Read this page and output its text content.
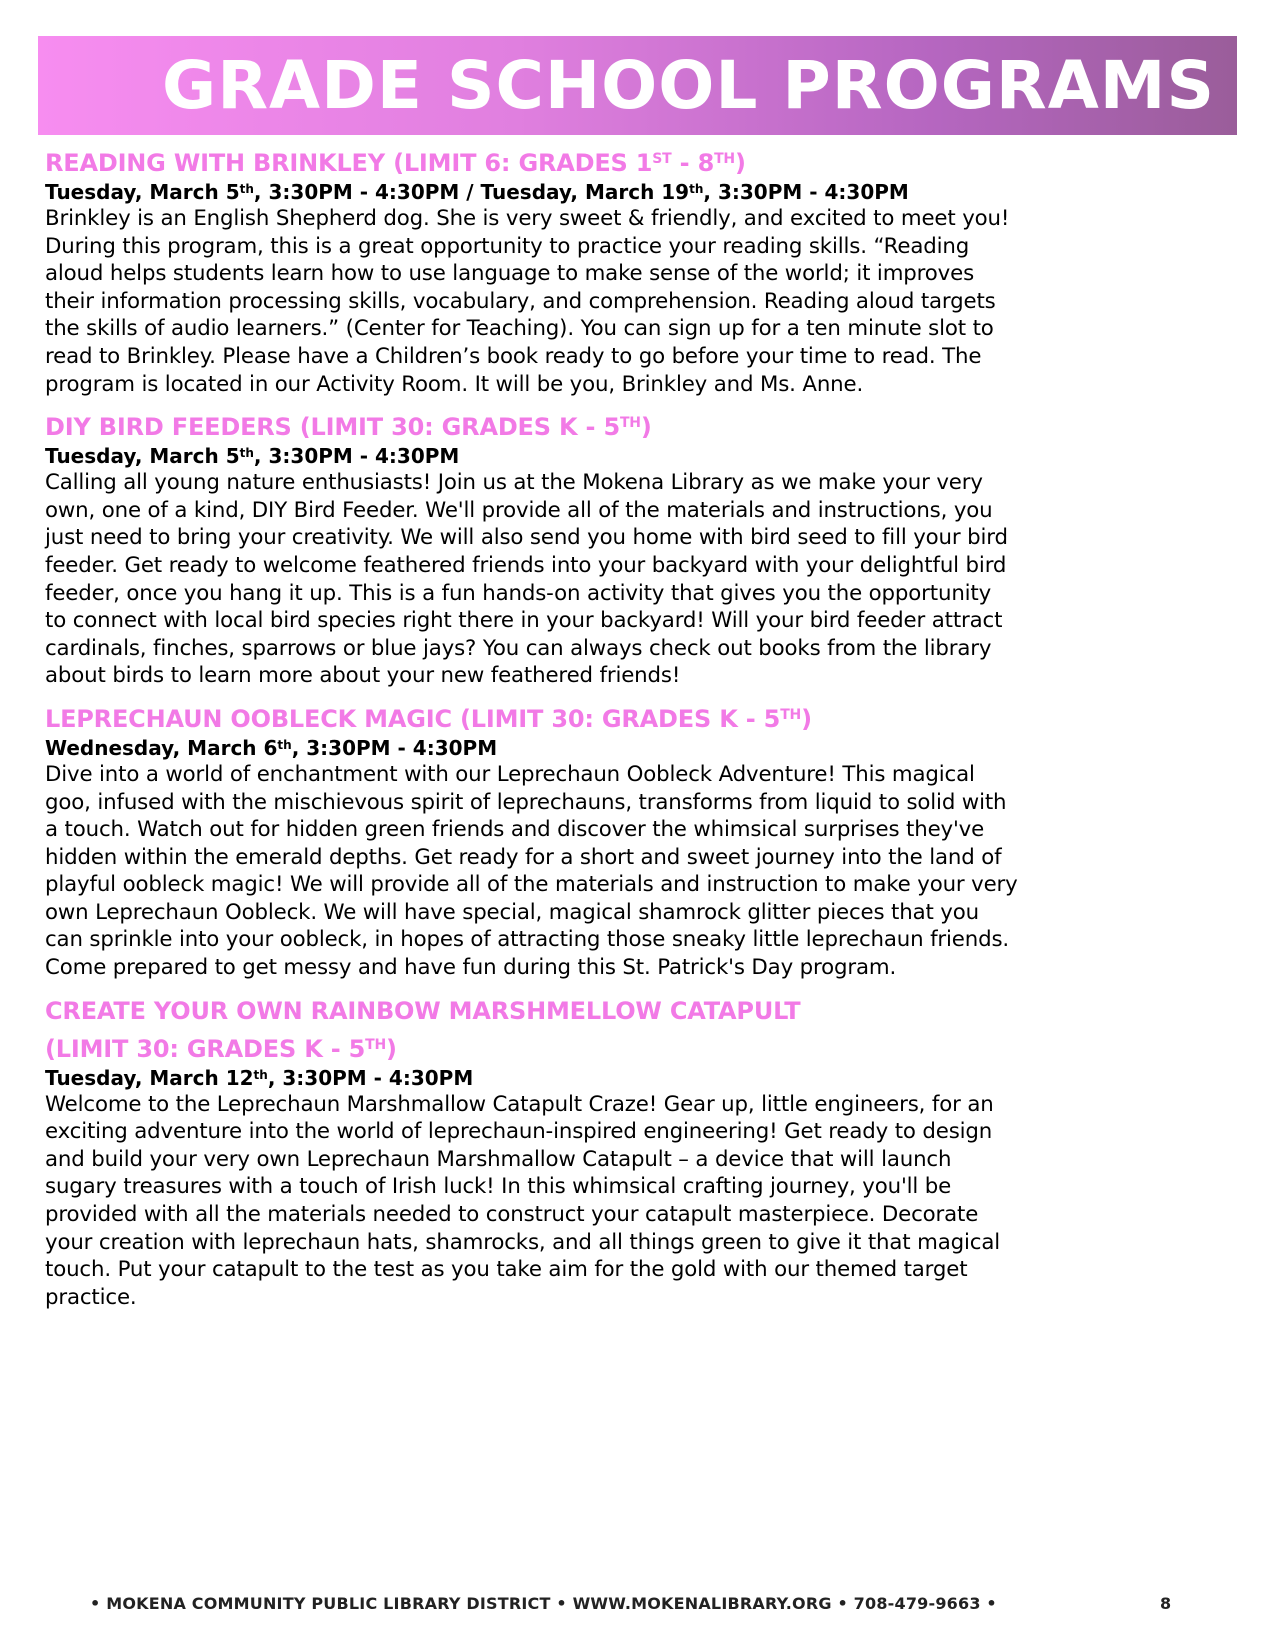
GRADE SCHOOL PROGRAMS
READING WITH BRINKLEY (LIMIT 6: GRADES 1ST - 8TH)
Tuesday, March 5th, 3:30PM - 4:30PM / Tuesday, March 19th, 3:30PM - 4:30PM

Brinkley is an English Shepherd dog. She is very sweet & friendly, and excited to meet you!
During this program, this is a great opportunity to practice your reading skills. “Reading
aloud helps students learn how to use language to make sense of the world; it improves
their information processing skills, vocabulary, and comprehension. Reading aloud targets
the skills of audio learners.” (Center for Teaching). You can sign up for a ten minute slot to
read to Brinkley. Please have a Children’s book ready to go before your time to read. The
program is located in our Activity Room. It will be you, Brinkley and Ms. Anne.

DIY BIRD FEEDERS (LIMIT 30: GRADES K - 5TH)
Tuesday, March 5th, 3:30PM - 4:30PM

Calling all young nature enthusiasts! Join us at the Mokena Library as we make your very
own, one of a kind, DIY Bird Feeder. We'll provide all of the materials and instructions, you
just need to bring your creativity. We will also send you home with bird seed to fill your bird
feeder. Get ready to welcome feathered friends into your backyard with your delightful bird
feeder, once you hang it up. This is a fun hands-on activity that gives you the opportunity
to connect with local bird species right there in your backyard! Will your bird feeder attract
cardinals, finches, sparrows or blue jays? You can always check out books from the library
about birds to learn more about your new feathered friends!

LEPRECHAUN OOBLECK MAGIC (LIMIT 30: GRADES K - 5TH)
Wednesday, March 6th, 3:30PM - 4:30PM

Dive into a world of enchantment with our Leprechaun Oobleck Adventure! This magical
goo, infused with the mischievous spirit of leprechauns, transforms from liquid to solid with
a touch. Watch out for hidden green friends and discover the whimsical surprises they've
hidden within the emerald depths. Get ready for a short and sweet journey into the land of
playful oobleck magic! We will provide all of the materials and instruction to make your very
own Leprechaun Oobleck. We will have special, magical shamrock glitter pieces that you
can sprinkle into your oobleck, in hopes of attracting those sneaky little leprechaun friends.
Come prepared to get messy and have fun during this St. Patrick's Day program.

CREATE YOUR OWN RAINBOW MARSHMELLOW CATAPULT
(LIMIT 30: GRADES K - 5TH)
Tuesday, March 12th, 3:30PM - 4:30PM

Welcome to the Leprechaun Marshmallow Catapult Craze! Gear up, little engineers, for an
exciting adventure into the world of leprechaun-inspired engineering! Get ready to design
and build your very own Leprechaun Marshmallow Catapult – a device that will launch
sugary treasures with a touch of Irish luck! In this whimsical crafting journey, you'll be
provided with all the materials needed to construct your catapult masterpiece. Decorate
your creation with leprechaun hats, shamrocks, and all things green to give it that magical
touch. Put your catapult to the test as you take aim for the gold with our themed target
practice.

• MOKENA COMMUNITY PUBLIC LIBRARY DISTRICT • WWW.MOKENALIBRARY.ORG • 708-479-9663 •	8
